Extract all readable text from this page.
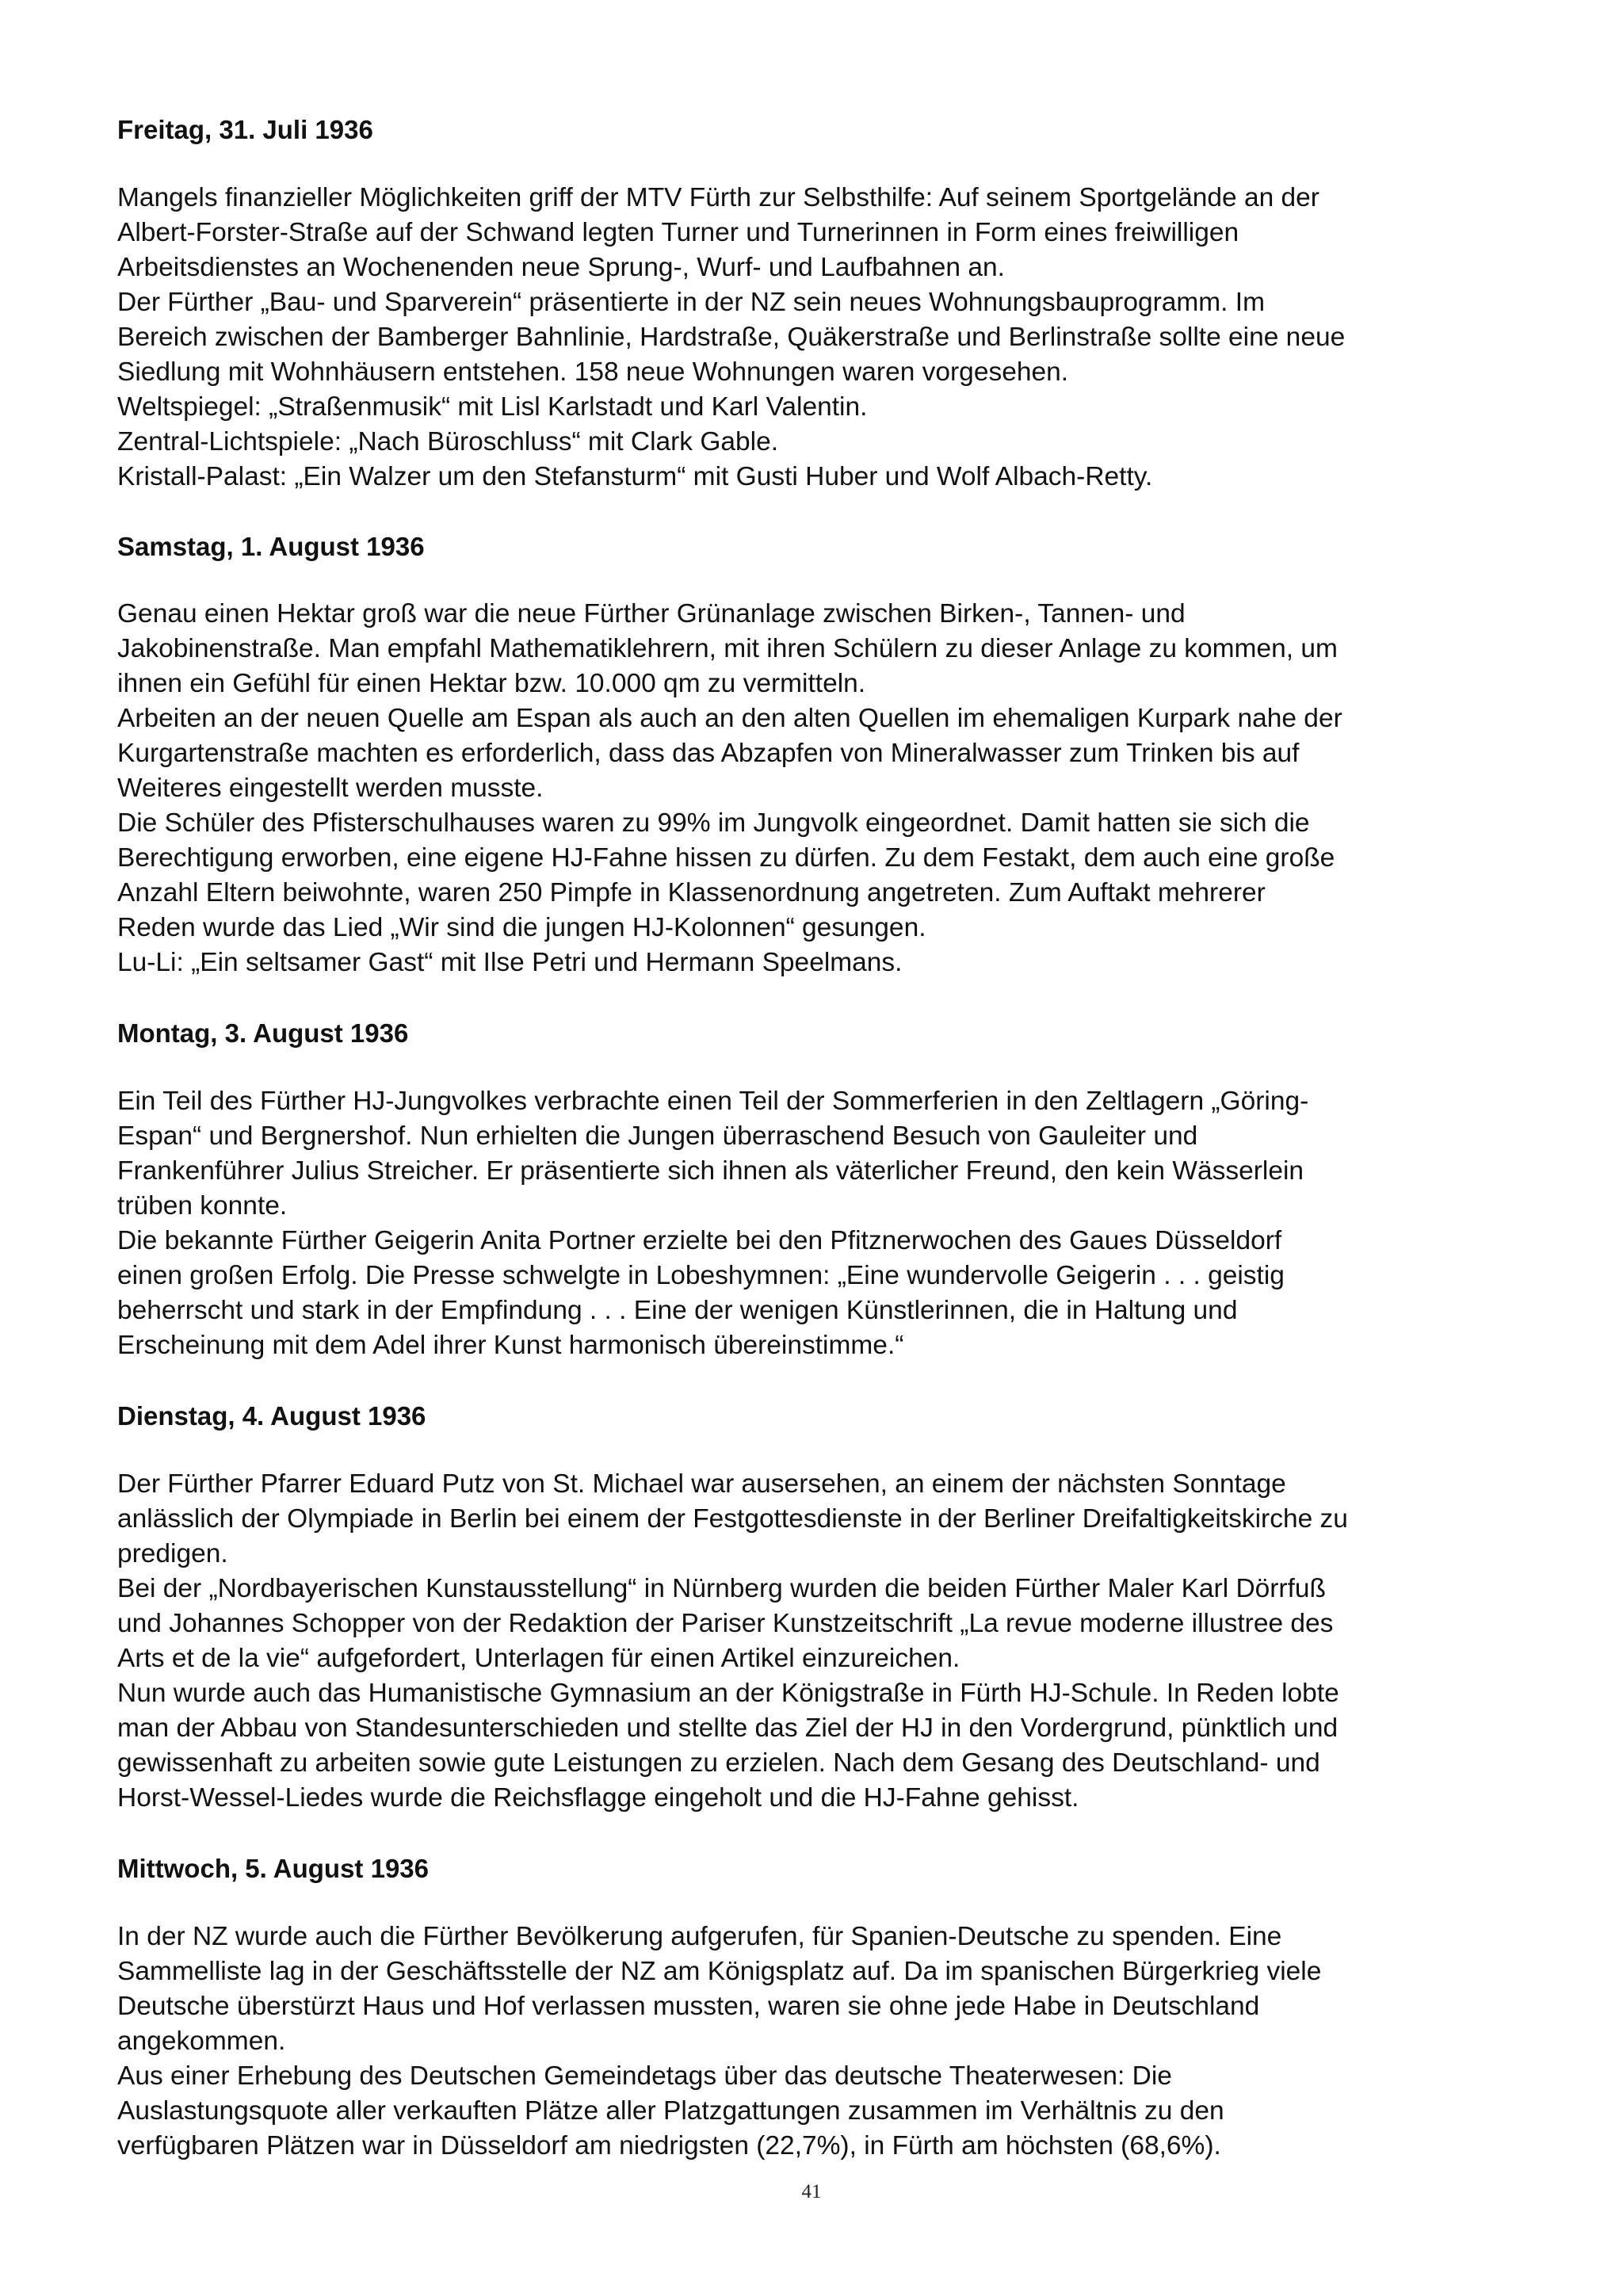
Freitag, 31. Juli 1936
Mangels finanzieller Möglichkeiten griff der MTV Fürth zur Selbsthilfe: Auf seinem Sportgelände an der
Albert-Forster-Straße auf der Schwand legten Turner und Turnerinnen in Form eines freiwilligen
Arbeitsdienstes an Wochenenden neue Sprung-, Wurf- und Laufbahnen an.
Der Fürther „Bau- und Sparverein“ präsentierte in der NZ sein neues Wohnungsbauprogramm. Im
Bereich zwischen der Bamberger Bahnlinie, Hardstraße, Quäkerstraße und Berlinstraße sollte eine neue
Siedlung mit Wohnhäusern entstehen. 158 neue Wohnungen waren vorgesehen.
Weltspiegel: „Straßenmusik“ mit Lisl Karlstadt und Karl Valentin.
Zentral-Lichtspiele: „Nach Büroschluss“ mit Clark Gable.
Kristall-Palast: „Ein Walzer um den Stefansturm“ mit Gusti Huber und Wolf Albach-Retty.
Samstag, 1. August 1936
Genau einen Hektar groß war die neue Fürther Grünanlage zwischen Birken-, Tannen- und
Jakobinenstraße. Man empfahl Mathematiklehrern, mit ihren Schülern zu dieser Anlage zu kommen, um
ihnen ein Gefühl für einen Hektar bzw. 10.000 qm zu vermitteln.
Arbeiten an der neuen Quelle am Espan als auch an den alten Quellen im ehemaligen Kurpark nahe der
Kurgartenstraße machten es erforderlich, dass das Abzapfen von Mineralwasser zum Trinken bis auf
Weiteres eingestellt werden musste.
Die Schüler des Pfisterschulhauses waren zu 99% im Jungvolk eingeordnet. Damit hatten sie sich die
Berechtigung erworben, eine eigene HJ-Fahne hissen zu dürfen. Zu dem Festakt, dem auch eine große
Anzahl Eltern beiwohnte, waren 250 Pimpfe in Klassenordnung angetreten. Zum Auftakt mehrerer
Reden wurde das Lied „Wir sind die jungen HJ-Kolonnen“ gesungen.
Lu-Li: „Ein seltsamer Gast“ mit Ilse Petri und Hermann Speelmans.
Montag, 3. August 1936
Ein Teil des Fürther HJ-Jungvolkes verbrachte einen Teil der Sommerferien in den Zeltlagern „Göring-
Espan“ und Bergnershof. Nun erhielten die Jungen überraschend Besuch von Gauleiter und
Frankenführer Julius Streicher. Er präsentierte sich ihnen als väterlicher Freund, den kein Wässerlein
trüben konnte.
Die bekannte Fürther Geigerin Anita Portner erzielte bei den Pfitznerwochen des Gaues Düsseldorf
einen großen Erfolg. Die Presse schwelgte in Lobeshymnen: „Eine wundervolle Geigerin . . . geistig
beherrscht und stark in der Empfindung . . . Eine der wenigen Künstlerinnen, die in Haltung und
Erscheinung mit dem Adel ihrer Kunst harmonisch übereinstimme.“
Dienstag, 4. August 1936
Der Fürther Pfarrer Eduard Putz von St. Michael war ausersehen, an einem der nächsten Sonntage
anlässlich der Olympiade in Berlin bei einem der Festgottesdienste in der Berliner Dreifaltigkeitskirche zu
predigen.
Bei der „Nordbayerischen Kunstausstellung“ in Nürnberg wurden die beiden Fürther Maler Karl Dörrfuß
und Johannes Schopper von der Redaktion der Pariser Kunstzeitschrift „La revue moderne illustree des
Arts et de la vie“ aufgefordert, Unterlagen für einen Artikel einzureichen.
Nun wurde auch das Humanistische Gymnasium an der Königstraße in Fürth HJ-Schule. In Reden lobte
man der Abbau von Standesunterschieden und stellte das Ziel der HJ in den Vordergrund, pünktlich und
gewissenhaft zu arbeiten sowie gute Leistungen zu erzielen. Nach dem Gesang des Deutschland- und
Horst-Wessel-Liedes wurde die Reichsflagge eingeholt und die HJ-Fahne gehisst.
Mittwoch, 5. August 1936
In der NZ wurde auch die Fürther Bevölkerung aufgerufen, für Spanien-Deutsche zu spenden. Eine
Sammelliste lag in der Geschäftsstelle der NZ am Königsplatz auf. Da im spanischen Bürgerkrieg viele
Deutsche überstürzt Haus und Hof verlassen mussten, waren sie ohne jede Habe in Deutschland
angekommen.
Aus einer Erhebung des Deutschen Gemeindetags über das deutsche Theaterwesen: Die
Auslastungsquote aller verkauften Plätze aller Platzgattungen zusammen im Verhältnis zu den
verfügbaren Plätzen war in Düsseldorf am niedrigsten (22,7%), in Fürth am höchsten (68,6%).
41
